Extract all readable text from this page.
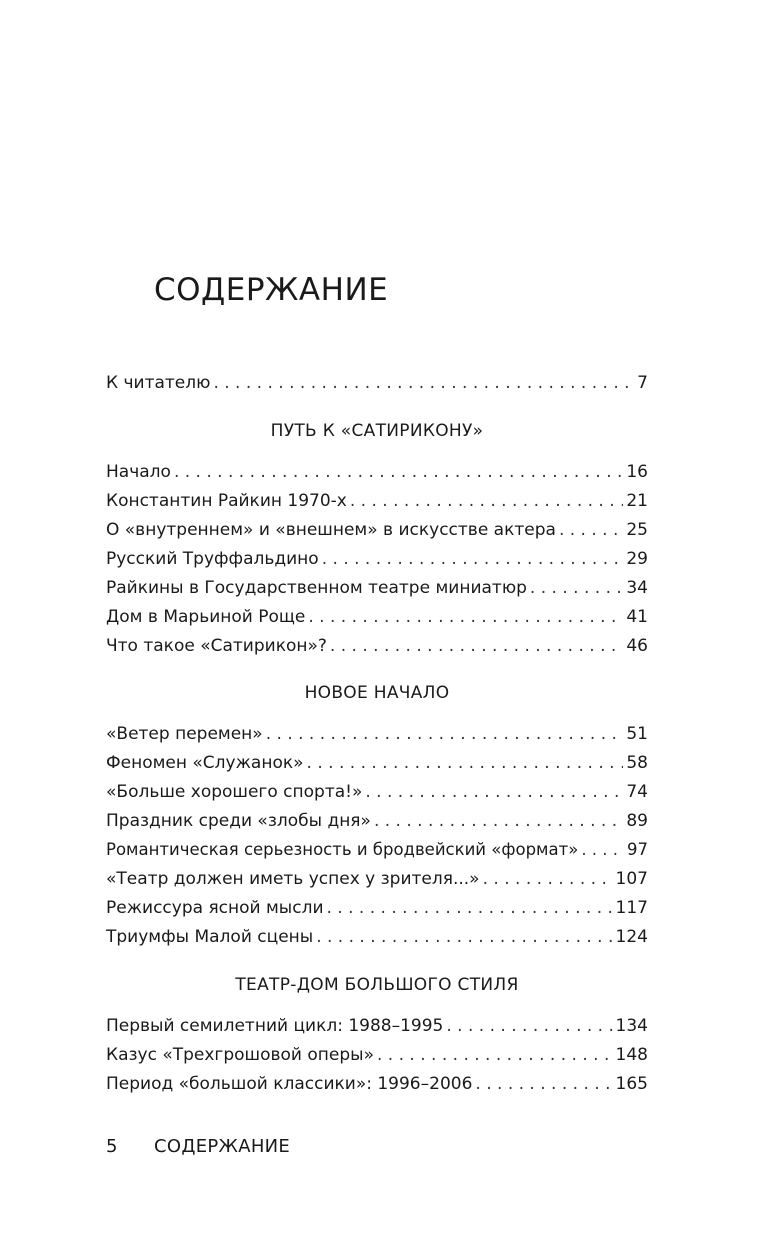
СОДЕРЖАНИЕ
К читателю . . .	7
ПУТЬ К «САТИРИКОНУ»
Начало . . .	16
Константин Райкин 1970-х . . .	21
О «внутреннем» и «внешнем» в искусстве актера . . .	25
Русский Труффальдино . . .	29
Райкины в Государственном театре миниатюр . . .	34
Дом в Марьиной Роще . . .	41
Что такое «Сатирикон»? . . .	46
НОВОЕ НАЧАЛО
«Ветер перемен» . . .	51
Феномен «Служанок» . . .	58
«Больше хорошего спорта!» . . .	74
Праздник среди «злобы дня» . . .	89
Романтическая серьезность и бродвейский «формат» . . .	97
«Театр должен иметь успех у зрителя...» . . .	107
Режиссура ясной мысли . . .	117
Триумфы Малой сцены . . .	124
ТЕАТР-ДОМ БОЛЬШОГО СТИЛЯ
Первый семилетний цикл: 1988–1995 . . .	134
Казус «Трехгрошовой оперы» . . .	148
Период «большой классики»: 1996–2006 . . .	165
5	СОДЕРЖАНИЕ
